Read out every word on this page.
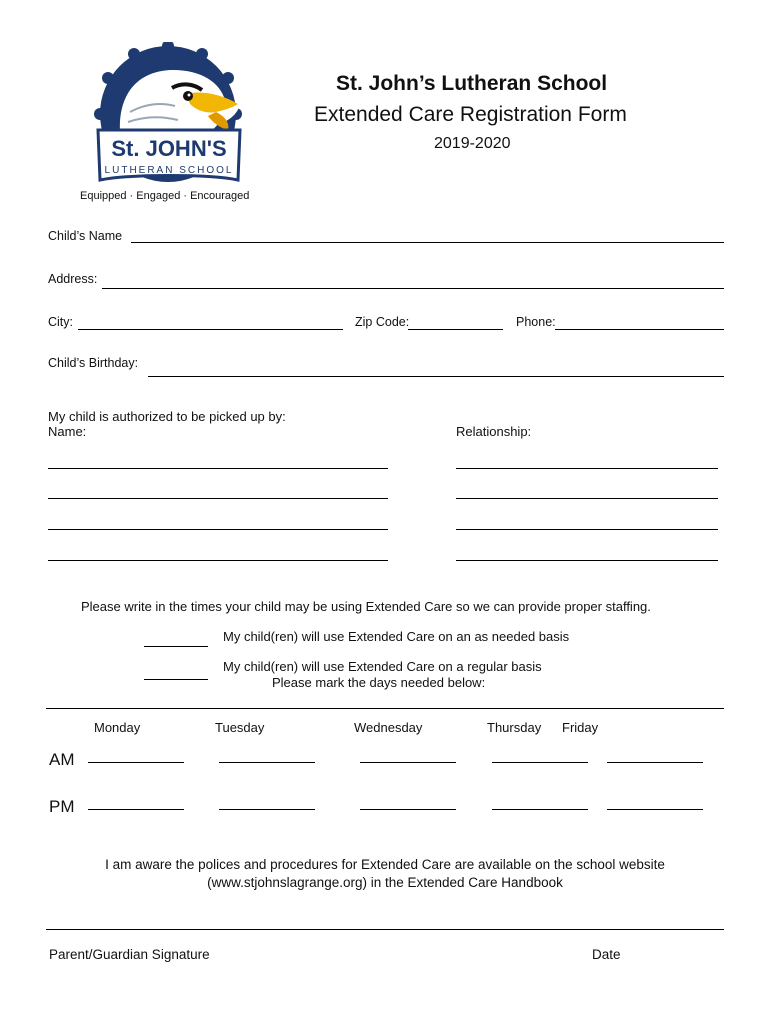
St. JOHN'S
LUTHERAN SCHOOL
Equipped · Engaged · Encouraged
St. John’s Lutheran School
Extended Care Registration Form
2019-2020
Child’s Name
Address:
City:	Zip Code:	Phone:
Child’s Birthday:
My child is authorized to be picked up by:
Name:	Relationship:
Please write in the times your child may be using Extended Care so we can provide proper staffing.
My child(ren) will use Extended Care on an as needed basis
My child(ren) will use Extended Care on a regular basis
Please mark the days needed below:
Monday	Tuesday	Wednesday	Thursday Friday
AM
PM
I am aware the polices and procedures for Extended Care are available on the school website
(www.stjohnslagrange.org) in the Extended Care Handbook
Parent/Guardian Signature	Date
